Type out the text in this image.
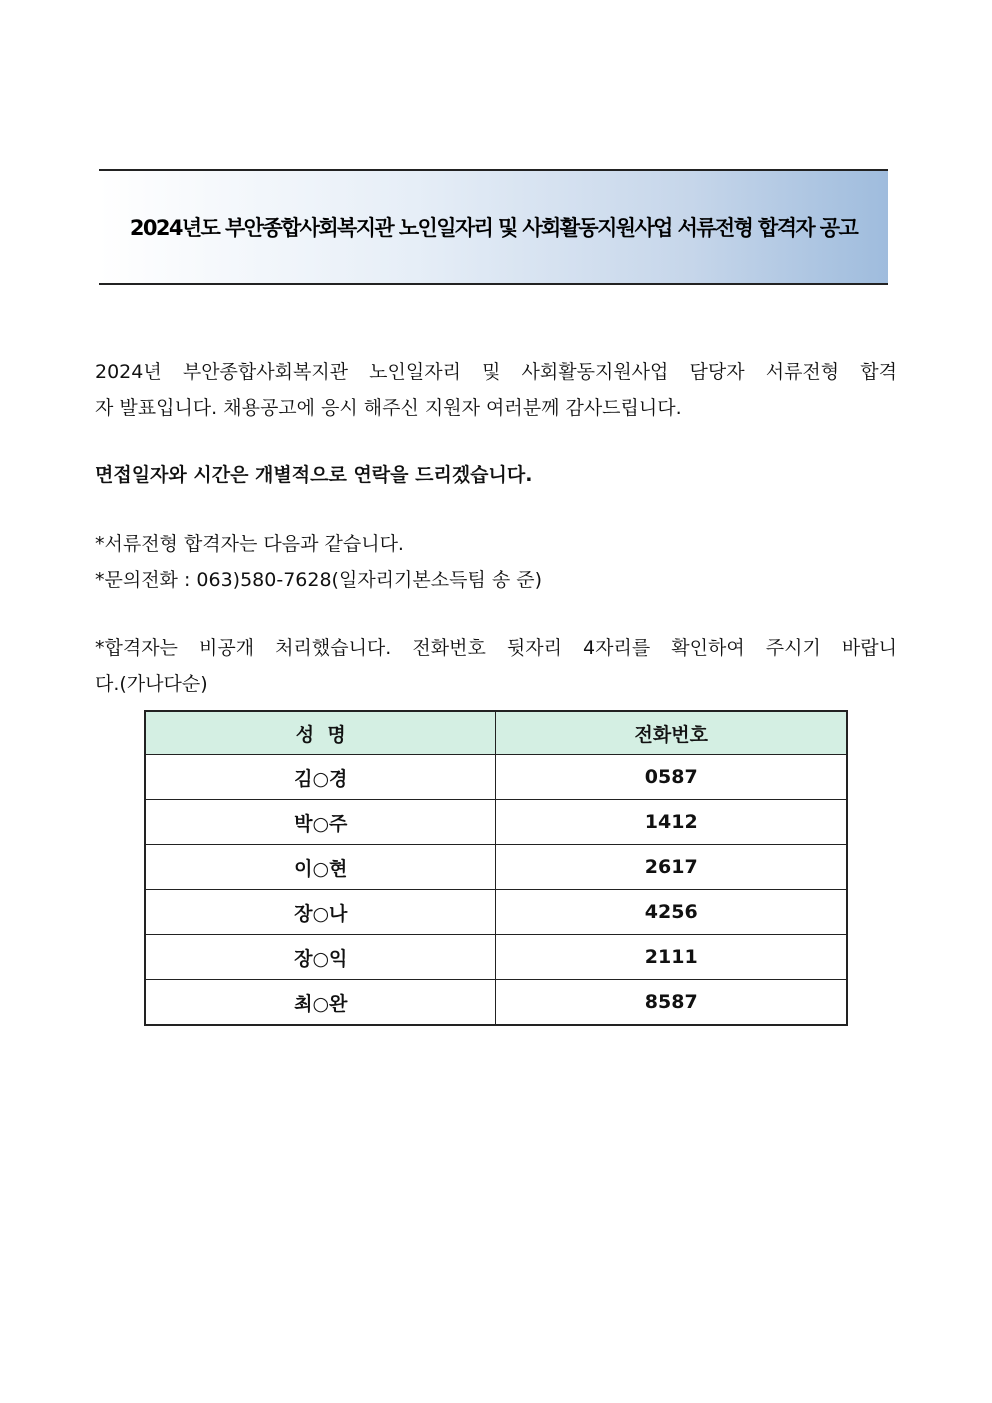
2024년도 부안종합사회복지관 노인일자리 및 사회활동지원사업 서류전형 합격자 공고

2024년 부안종합사회복지관 노인일자리 및 사회활동지원사업 담당자 서류전형 합격
자 발표입니다. 채용공고에 응시 해주신 지원자 여러분께 감사드립니다.

면접일자와 시간은 개별적으로 연락을 드리겠습니다.

*서류전형 합격자는 다음과 같습니다.
*문의전화 : 063)580-7628(일자리기본소득팀 송 준)

*합격자는 비공개 처리했습니다. 전화번호 뒷자리 4자리를 확인하여 주시기 바랍니
다.(가나다순)

성  명	전화번호
김○경	0587
박○주	1412
이○현	2617
장○나	4256
장○익	2111
최○완	8587
